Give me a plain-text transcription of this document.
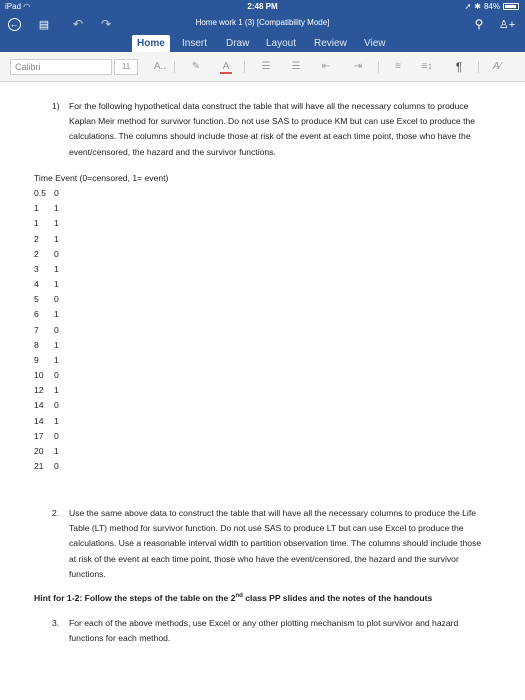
iPad ◠	2:48 PM	➚ ✱ 84%
← ▤ ↶ ↷	Home work 1 (3) [Compatibility Mode]	⚲ ♙+
Home	Insert Draw Layout Review View
Calibri	11	A..	✎	A	☰	☰	⇤	⇥	≡	≡↕	¶	A⁄
1) For the following hypothetical data construct the table that will have all the necessary columns to produce Kaplan Meir method for survivor function. Do not use SAS to produce KM but can use Excel to produce the calculations. The columns should include those at risk of the event at each time point, those who have the event/censored, the hazard and the survivor functions.
Time Event (0=censored, 1= event)
0.5 0
1 1
1 1
2 1
2 0
3 1
4 1
5 0
6 1
7 0
8 1
9 1
10 0
12 1
14 0
14 1
17 0
20 1
21 0
2. Use the same above data to construct the table that will have all the necessary columns to produce the Life Table (LT) method for survivor function. Do not use SAS to produce LT but can use Excel to produce the calculations. Use a reasonable interval width to partition observation time. The columns should include those at risk of the event at each time point, those who have the event/censored, the hazard and the survivor functions.
Hint for 1-2: Follow the steps of the table on the 2nd class PP slides and the notes of the handouts
3. For each of the above methods, use Excel or any other plotting mechanism to plot survivor and hazard functions for each method.
